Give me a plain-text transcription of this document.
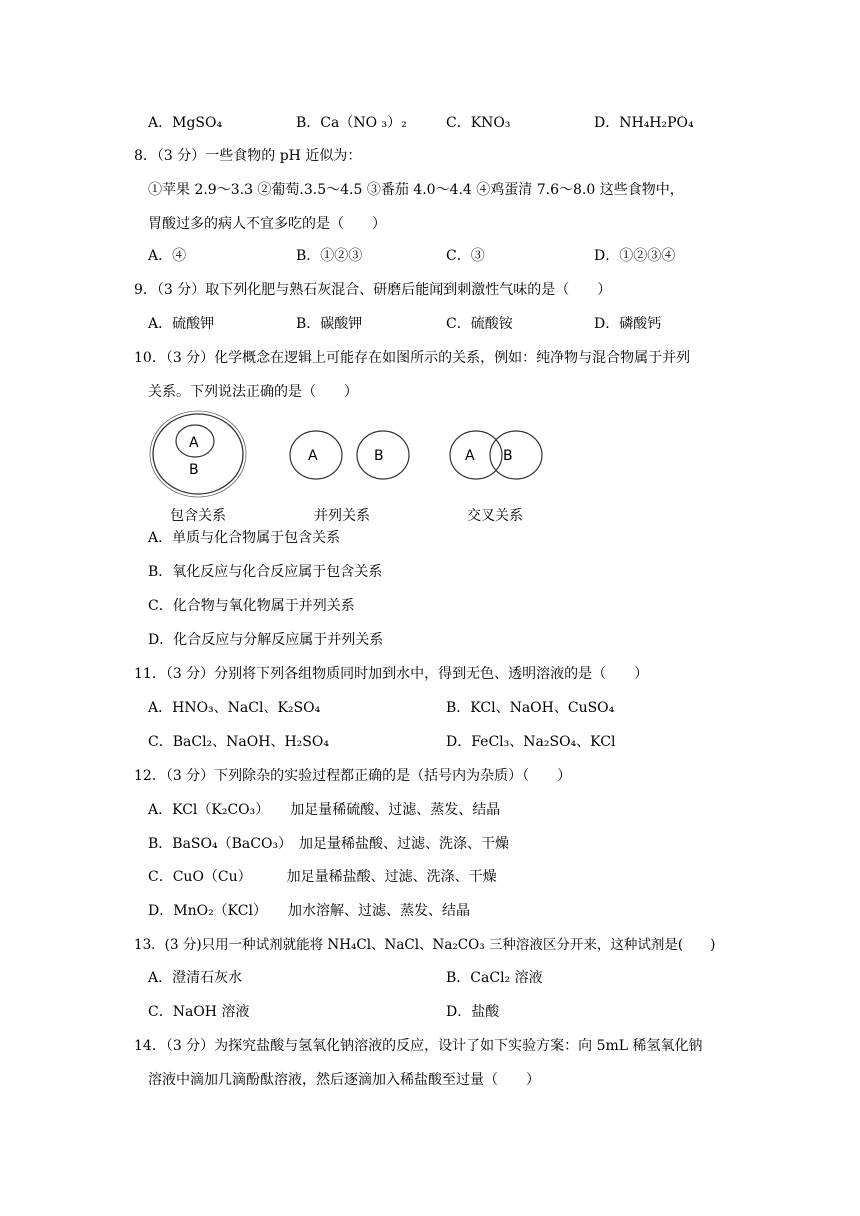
A．MgSO₄	B．Ca（NO ₃）₂	C．KNO₃	D．NH₄H₂PO₄
8．（3 分）一些食物的 pH 近似为：
①苹果 2.9～3.3 ②葡萄.3.5～4.5 ③番茄 4.0～4.4 ④鸡蛋清 7.6～8.0 这些食物中，
胃酸过多的病人不宜多吃的是（　　）
A．④	B．①②③	C．③	D．①②③④
9．（3 分）取下列化肥与熟石灰混合、研磨后能闻到刺激性气味的是（　　）
A．硫酸钾	B．碳酸钾	C．硫酸铵	D．磷酸钙
10．（3 分）化学概念在逻辑上可能存在如图所示的关系，例如：纯净物与混合物属于并列
关系。下列说法正确的是（　　）
A
B
包含关系
A	B
并列关系
A B
交叉关系
A．单质与化合物属于包含关系
B．氧化反应与化合反应属于包含关系
C．化合物与氧化物属于并列关系
D．化合反应与分解反应属于并列关系
11．（3 分）分别将下列各组物质同时加到水中，得到无色、透明溶液的是（　　）
A．HNO₃、NaCl、K₂SO₄	B．KCl、NaOH、CuSO₄
C．BaCl₂、NaOH、H₂SO₄	D．FeCl₃、Na₂SO₄、KCl
12．（3 分）下列除杂的实验过程都正确的是（括号内为杂质）（　　）
A．KCl（K₂CO₃）　　加足量稀硫酸、过滤、蒸发、结晶
B．BaSO₄（BaCO₃）　加足量稀盐酸、过滤、洗涤、干燥
C．CuO（Cu）　　　加足量稀盐酸、过滤、洗涤、干燥
D．MnO₂（KCl）　　加水溶解、过滤、蒸发、结晶
13．(3 分)只用一种试剂就能将 NH₄Cl、NaCl、Na₂CO₃ 三种溶液区分开来，这种试剂是(　　)
A．澄清石灰水	B．CaCl₂ 溶液
C．NaOH 溶液	D．盐酸
14．（3 分）为探究盐酸与氢氧化钠溶液的反应，设计了如下实验方案：向 5mL 稀氢氧化钠
溶液中滴加几滴酚酞溶液，然后逐滴加入稀盐酸至过量（　　）
